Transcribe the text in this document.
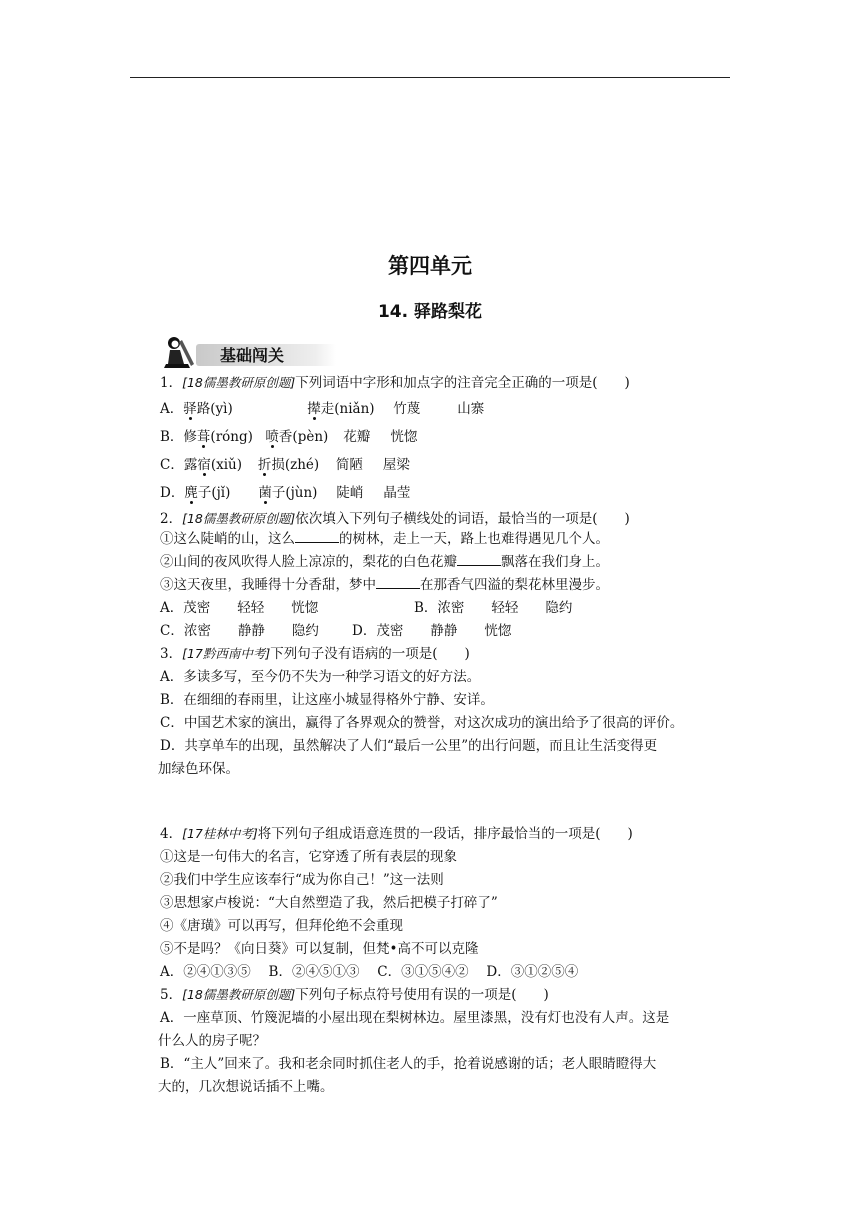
第四单元
14. 驿路梨花
基础闯关
1．[18儒墨教研原创题]下列词语中字形和加点字的注音完全正确的一项是(　　)
A．驿路(yì)	撵走(niǎn) 竹蔑	山寨
B．修葺(róng) 喷香(pèn) 花瓣 恍惚
C．露宿(xiǔ) 折损(zhé) 简陋 屋梁
D．麂子(jǐ) 菌子(jùn) 陡峭 晶莹
2．[18儒墨教研原创题]依次填入下列句子横线处的词语，最恰当的一项是(　　)
①这么陡峭的山，这么	的树林，走上一天，路上也难得遇见几个人。
②山间的夜风吹得人脸上凉凉的，梨花的白色花瓣	飘落在我们身上。
③这天夜里，我睡得十分香甜，梦中	在那香气四溢的梨花林里漫步。
A．茂密　　轻轻　　恍惚	B．浓密　　轻轻　　隐约
C．浓密　　静静　　隐约 D．茂密　　静静　　恍惚
3．[17黔西南中考]下列句子没有语病的一项是(　　)
A．多读多写，至今仍不失为一种学习语文的好方法。
B．在细细的春雨里，让这座小城显得格外宁静、安详。
C．中国艺术家的演出，赢得了各界观众的赞誉，对这次成功的演出给予了很高的评价。
D．共享单车的出现，虽然解决了人们“最后一公里”的出行问题，而且让生活变得更
加绿色环保。
4．[17桂林中考]将下列句子组成语意连贯的一段话，排序最恰当的一项是(　　)
①这是一句伟大的名言，它穿透了所有表层的现象
②我们中学生应该奉行“成为你自己！”这一法则
③思想家卢梭说：“大自然塑造了我，然后把模子打碎了”
④《唐璜》可以再写，但拜伦绝不会重现
⑤不是吗？《向日葵》可以复制，但梵•高不可以克隆
A．②④①③⑤　 B．②④⑤①③　 C．③①⑤④②　 D．③①②⑤④
5．[18儒墨教研原创题]下列句子标点符号使用有误的一项是(　　)
A．一座草顶、竹篾泥墙的小屋出现在梨树林边。屋里漆黑，没有灯也没有人声。这是
什么人的房子呢？
B．“主人”回来了。我和老余同时抓住老人的手，抢着说感谢的话；老人眼睛瞪得大
大的，几次想说话插不上嘴。
